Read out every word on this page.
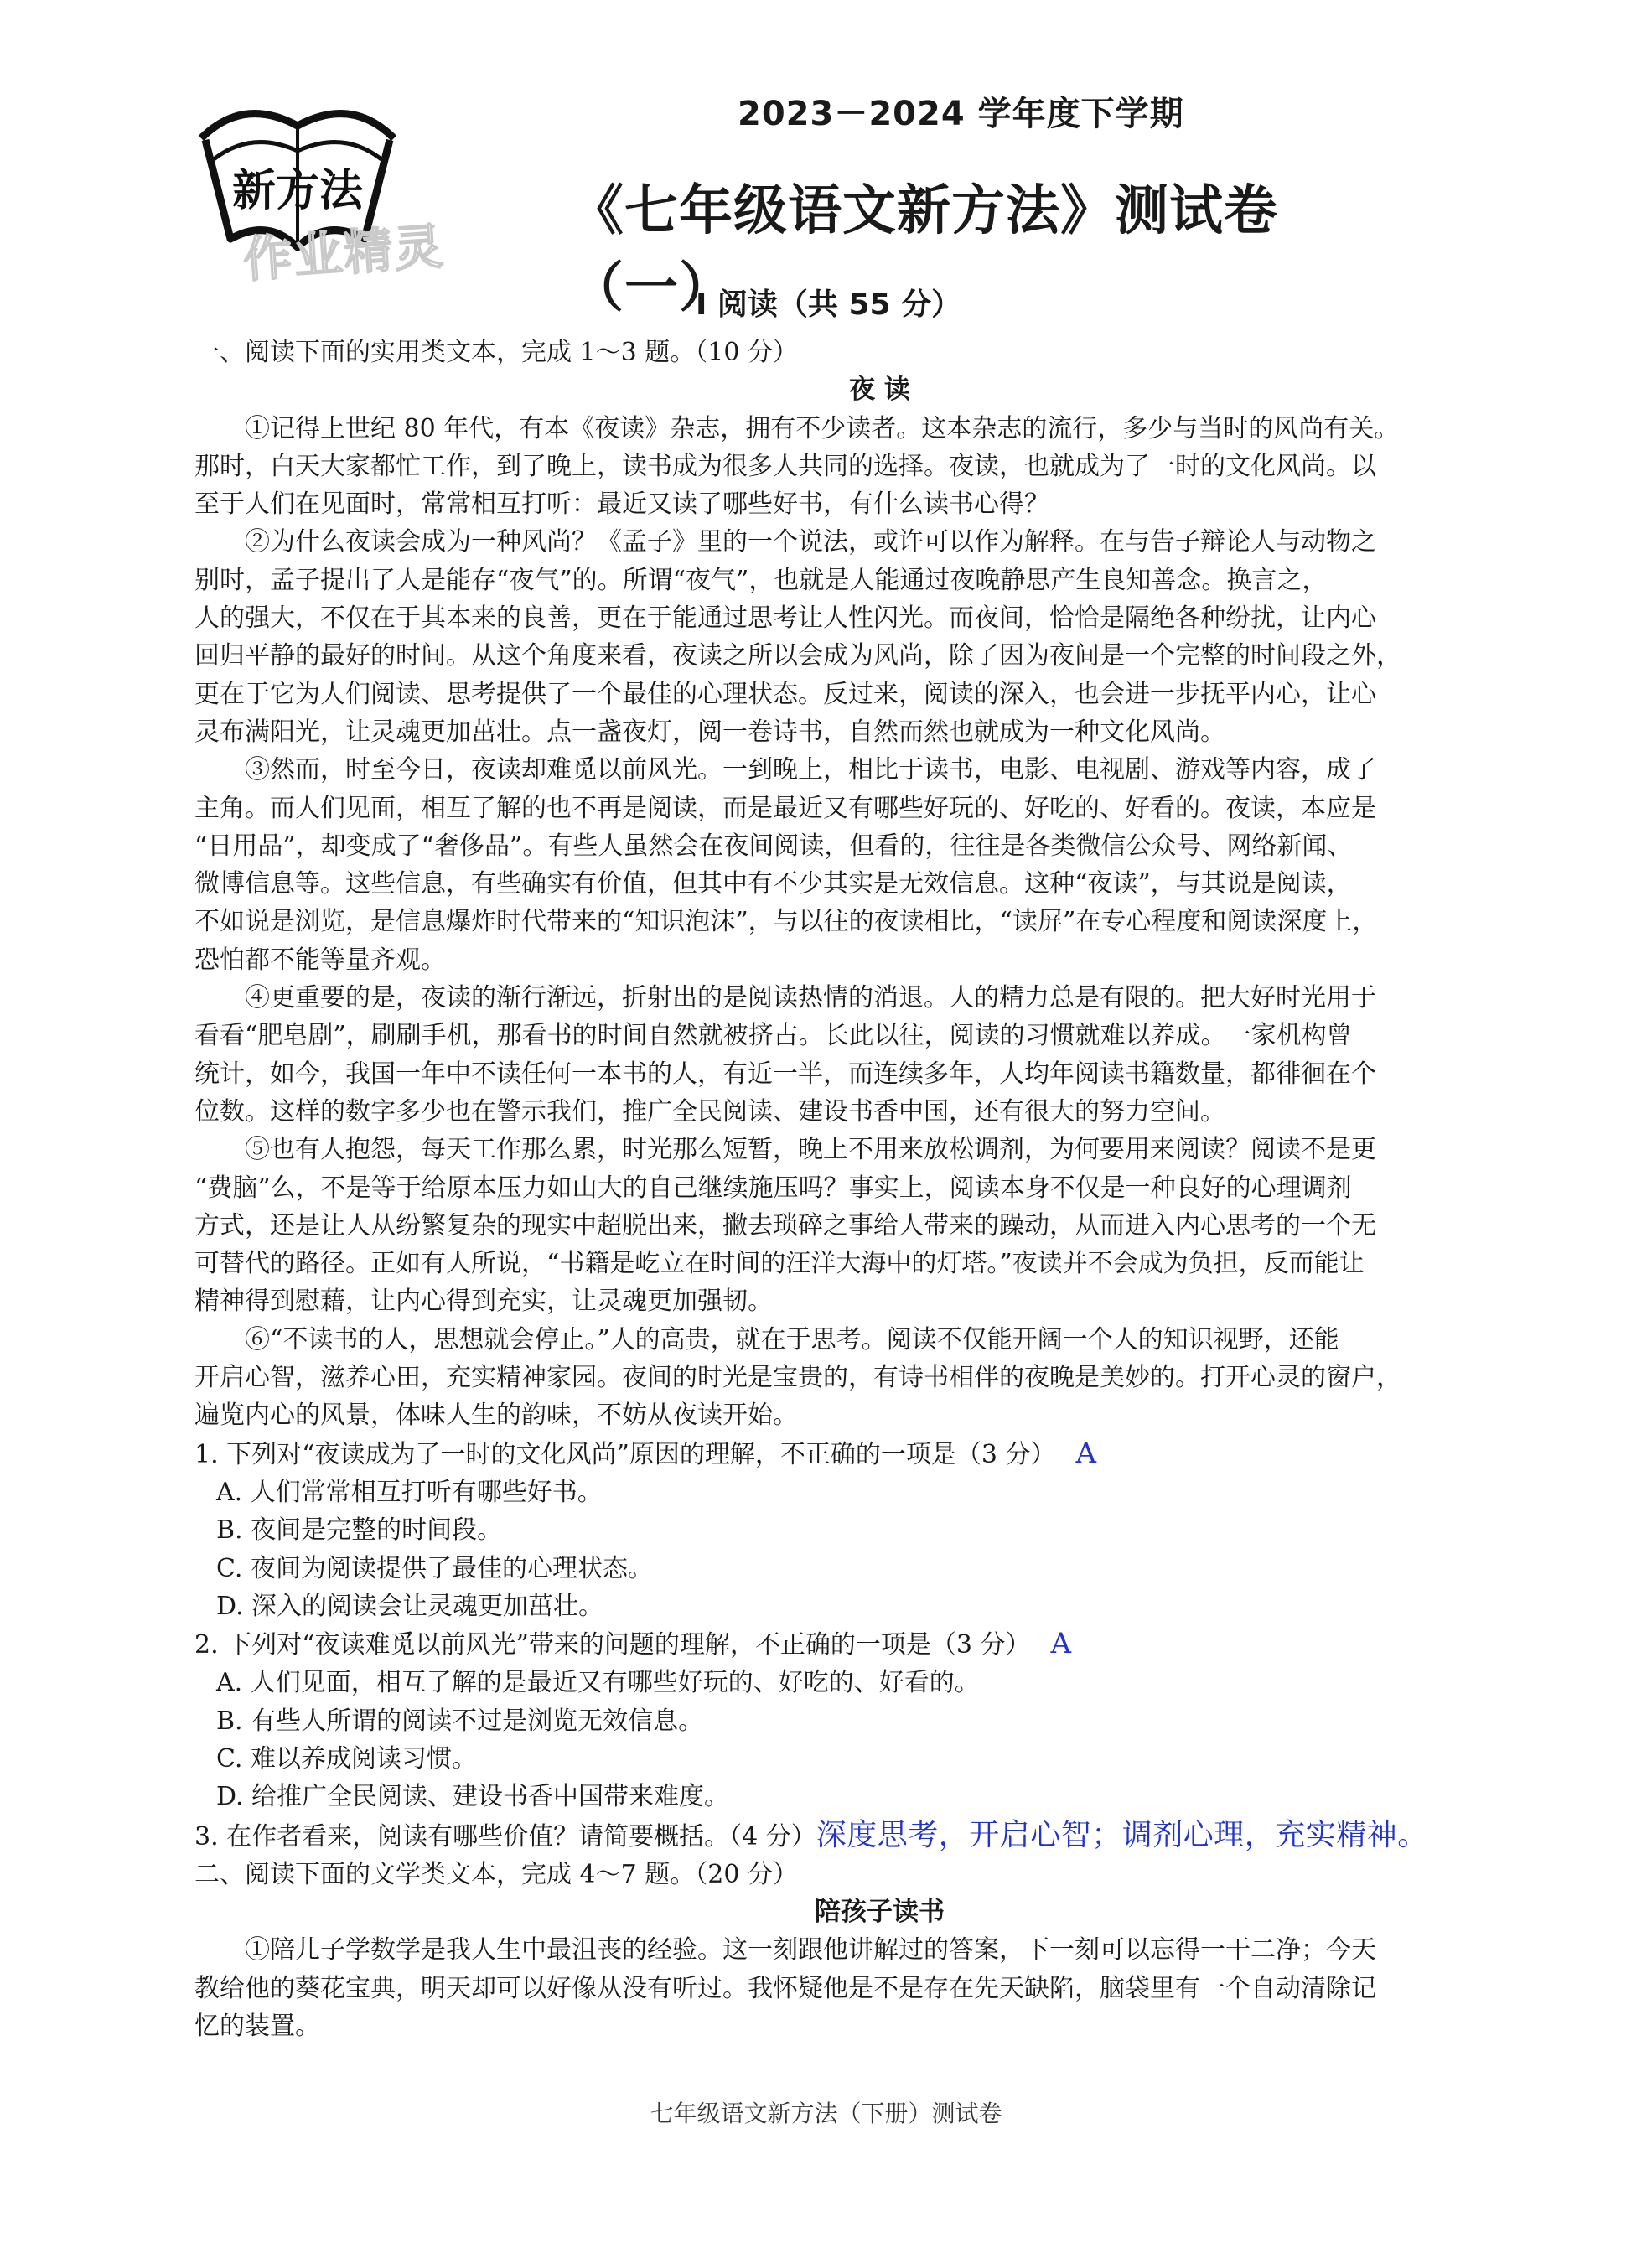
新方法
作业精灵
2023－2024 学年度下学期
《七年级语文新方法》测试卷（一）
I 阅读（共 55 分）
一、阅读下面的实用类文本，完成 1～3 题。（10 分）
夜 读
①记得上世纪 80 年代，有本《夜读》杂志，拥有不少读者。这本杂志的流行，多少与当时的风尚有关。
那时，白天大家都忙工作，到了晚上，读书成为很多人共同的选择。夜读，也就成为了一时的文化风尚。以
至于人们在见面时，常常相互打听：最近又读了哪些好书，有什么读书心得？
②为什么夜读会成为一种风尚？《孟子》里的一个说法，或许可以作为解释。在与告子辩论人与动物之
别时，孟子提出了人是能存“夜气”的。所谓“夜气”，也就是人能通过夜晚静思产生良知善念。换言之，
人的强大，不仅在于其本来的良善，更在于能通过思考让人性闪光。而夜间，恰恰是隔绝各种纷扰，让内心
回归平静的最好的时间。从这个角度来看，夜读之所以会成为风尚，除了因为夜间是一个完整的时间段之外，
更在于它为人们阅读、思考提供了一个最佳的心理状态。反过来，阅读的深入，也会进一步抚平内心，让心
灵布满阳光，让灵魂更加茁壮。点一盏夜灯，阅一卷诗书，自然而然也就成为一种文化风尚。
③然而，时至今日，夜读却难觅以前风光。一到晚上，相比于读书，电影、电视剧、游戏等内容，成了
主角。而人们见面，相互了解的也不再是阅读，而是最近又有哪些好玩的、好吃的、好看的。夜读，本应是
“日用品”，却变成了“奢侈品”。有些人虽然会在夜间阅读，但看的，往往是各类微信公众号、网络新闻、
微博信息等。这些信息，有些确实有价值，但其中有不少其实是无效信息。这种“夜读”，与其说是阅读，
不如说是浏览，是信息爆炸时代带来的“知识泡沫”，与以往的夜读相比，“读屏”在专心程度和阅读深度上，
恐怕都不能等量齐观。
④更重要的是，夜读的渐行渐远，折射出的是阅读热情的消退。人的精力总是有限的。把大好时光用于
看看“肥皂剧”，刷刷手机，那看书的时间自然就被挤占。长此以往，阅读的习惯就难以养成。一家机构曾
统计，如今，我国一年中不读任何一本书的人，有近一半，而连续多年，人均年阅读书籍数量，都徘徊在个
位数。这样的数字多少也在警示我们，推广全民阅读、建设书香中国，还有很大的努力空间。
⑤也有人抱怨，每天工作那么累，时光那么短暂，晚上不用来放松调剂，为何要用来阅读？阅读不是更
“费脑”么，不是等于给原本压力如山大的自己继续施压吗？事实上，阅读本身不仅是一种良好的心理调剂
方式，还是让人从纷繁复杂的现实中超脱出来，撇去琐碎之事给人带来的躁动，从而进入内心思考的一个无
可替代的路径。正如有人所说，“书籍是屹立在时间的汪洋大海中的灯塔。”夜读并不会成为负担，反而能让
精神得到慰藉，让内心得到充实，让灵魂更加强韧。
⑥“不读书的人，思想就会停止。”人的高贵，就在于思考。阅读不仅能开阔一个人的知识视野，还能
开启心智，滋养心田，充实精神家园。夜间的时光是宝贵的，有诗书相伴的夜晚是美妙的。打开心灵的窗户，
遍览内心的风景，体味人生的韵味，不妨从夜读开始。
1. 下列对“夜读成为了一时的文化风尚”原因的理解，不正确的一项是（3 分） A
A. 人们常常相互打听有哪些好书。
B. 夜间是完整的时间段。
C. 夜间为阅读提供了最佳的心理状态。
D. 深入的阅读会让灵魂更加茁壮。
2. 下列对“夜读难觅以前风光”带来的问题的理解，不正确的一项是（3 分） A
A. 人们见面，相互了解的是最近又有哪些好玩的、好吃的、好看的。
B. 有些人所谓的阅读不过是浏览无效信息。
C. 难以养成阅读习惯。
D. 给推广全民阅读、建设书香中国带来难度。
3. 在作者看来，阅读有哪些价值？请简要概括。（4 分）深度思考，开启心智；调剂心理，充实精神。
二、阅读下面的文学类文本，完成 4～7 题。（20 分）
陪孩子读书
①陪儿子学数学是我人生中最沮丧的经验。这一刻跟他讲解过的答案，下一刻可以忘得一干二净；今天
教给他的葵花宝典，明天却可以好像从没有听过。我怀疑他是不是存在先天缺陷，脑袋里有一个自动清除记
忆的装置。
七年级语文新方法（下册）测试卷
